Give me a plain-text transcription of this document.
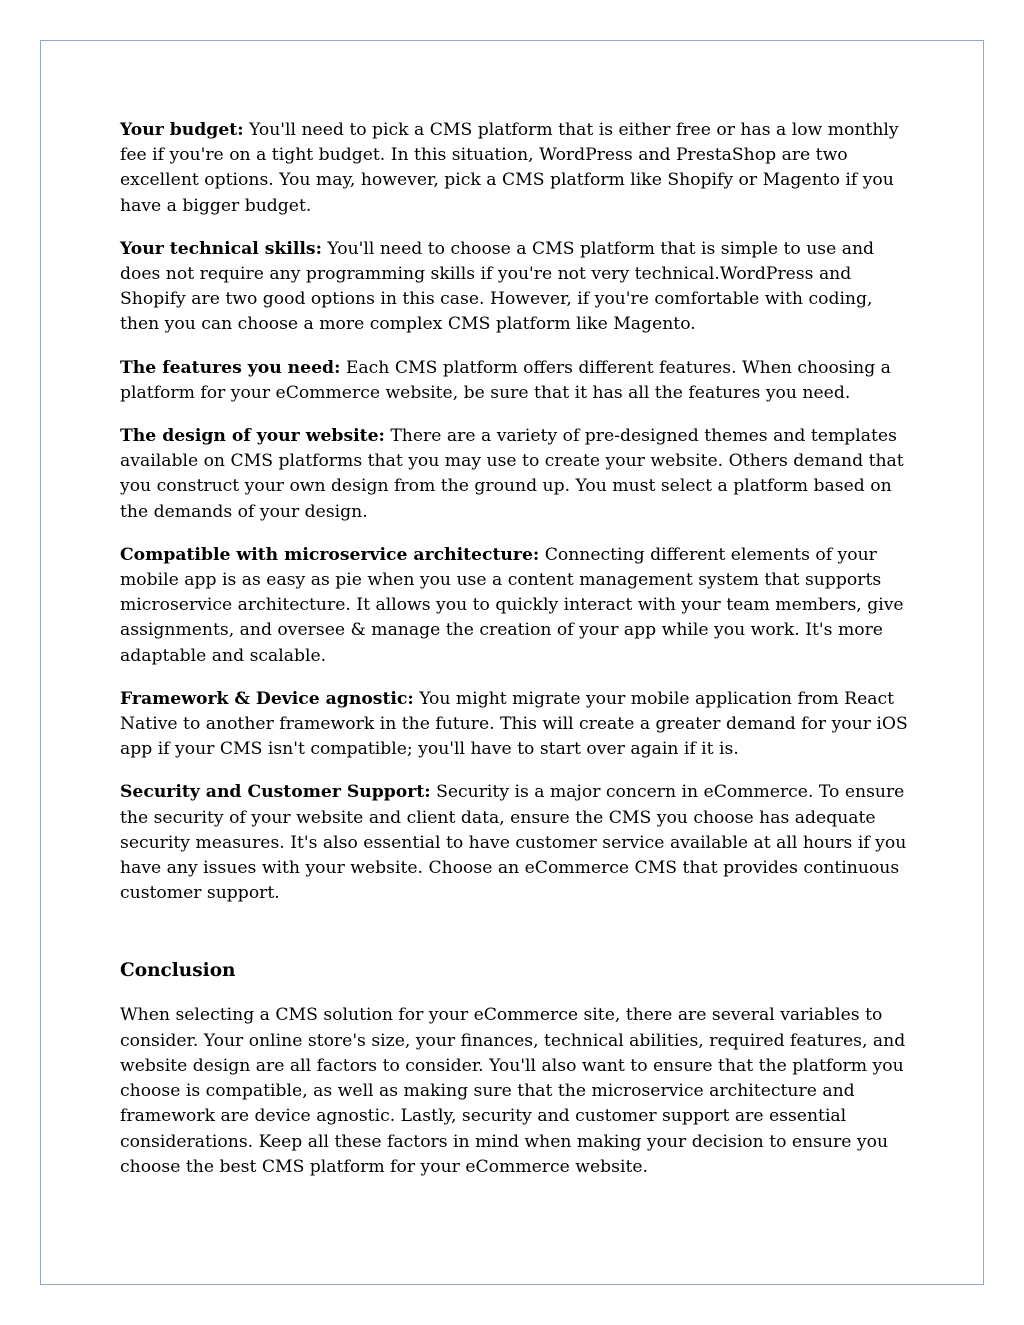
Your budget: You'll need to pick a CMS platform that is either free or has a low monthly fee if you're on a tight budget. In this situation, WordPress and PrestaShop are two excellent options. You may, however, pick a CMS platform like Shopify or Magento if you have a bigger budget.

Your technical skills: You'll need to choose a CMS platform that is simple to use and does not require any programming skills if you're not very technical.WordPress and Shopify are two good options in this case. However, if you're comfortable with coding, then you can choose a more complex CMS platform like Magento.

The features you need: Each CMS platform offers different features. When choosing a platform for your eCommerce website, be sure that it has all the features you need.

The design of your website: There are a variety of pre-designed themes and templates available on CMS platforms that you may use to create your website. Others demand that you construct your own design from the ground up. You must select a platform based on the demands of your design.

Compatible with microservice architecture: Connecting different elements of your mobile app is as easy as pie when you use a content management system that supports microservice architecture. It allows you to quickly interact with your team members, give assignments, and oversee & manage the creation of your app while you work. It's more adaptable and scalable.

Framework & Device agnostic: You might migrate your mobile application from React Native to another framework in the future. This will create a greater demand for your iOS app if your CMS isn't compatible; you'll have to start over again if it is.

Security and Customer Support: Security is a major concern in eCommerce. To ensure the security of your website and client data, ensure the CMS you choose has adequate security measures. It's also essential to have customer service available at all hours if you have any issues with your website. Choose an eCommerce CMS that provides continuous customer support.

Conclusion

When selecting a CMS solution for your eCommerce site, there are several variables to consider. Your online store's size, your finances, technical abilities, required features, and website design are all factors to consider. You'll also want to ensure that the platform you choose is compatible, as well as making sure that the microservice architecture and framework are device agnostic. Lastly, security and customer support are essential considerations. Keep all these factors in mind when making your decision to ensure you choose the best CMS platform for your eCommerce website.
